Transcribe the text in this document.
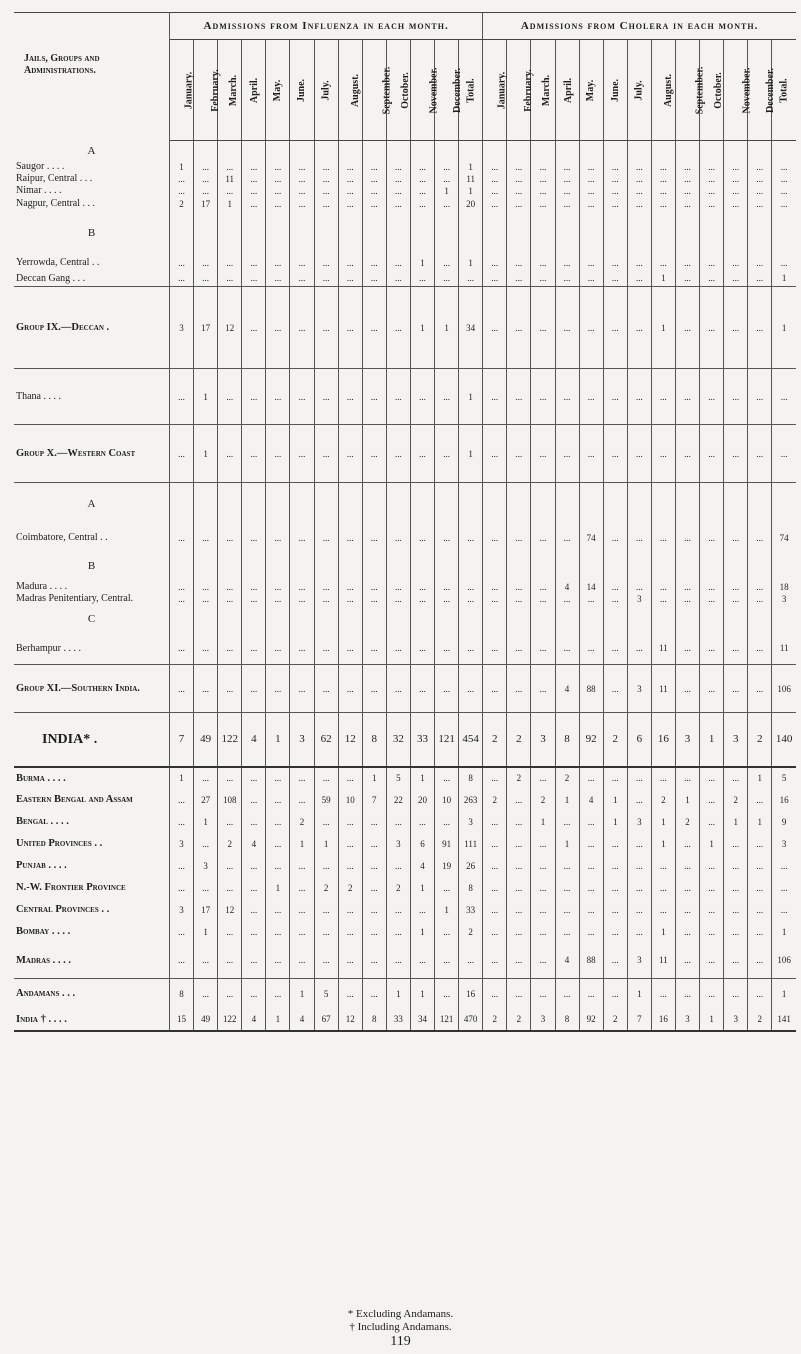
Jails, Groups and Administrations.	Admissions from Influenza in each month.													Admissions from Cholera in each month.												
	January.	February.	March.	April.	May.	June.	July.	August.	September.	October.	November.	December.	Total.	January.	February.	March.	April.	May.	June.	July.	August.	September.	October.	November.	December.	Total.
A																										
Saugor . . . .	1	...	...	...	...	...	...	...	...	...	...	...	1	...	...	...	...	...	...	...	...	...	...	...	...	...
Raipur, Central . . .	...	...	11	...	...	...	...	...	...	...	...	...	11	...	...	...	...	...	...	...	...	...	...	...	...	...
Nimar . . . .	...	...	...	...	...	...	...	...	...	...	...	1	1	...	...	...	...	...	...	...	...	...	...	...	...	...
Nagpur, Central . . .	2	17	1	...	...	...	...	...	...	...	...	...	20	...	...	...	...	...	...	...	...	...	...	...	...	...
B																										
Yerrowda, Central . .	...	...	...	...	...	...	...	...	...	...	1	...	1	...	...	...	...	...	...	...	...	...	...	...	...	...
Deccan Gang . . .	...	...	...	...	...	...	...	...	...	...	...	...	...	...	...	...	...	...	...	...	1	...	...	...	...	1
Group IX.—Deccan .	3	17	12	...	...	...	...	...	...	...	1	1	34	...	...	...	...	...	...	...	1	...	...	...	...	1
Thana . . . .	...	1	...	...	...	...	...	...	...	...	...	...	1	...	...	...	...	...	...	...	...	...	...	...	...	...
Group X.—Western Coast	...	1	...	...	...	...	...	...	...	...	...	...	1	...	...	...	...	...	...	...	...	...	...	...	...	...
A																										
Coimbatore, Central . .	...	...	...	...	...	...	...	...	...	...	...	...	...	...	...	...	...	74	...	...	...	...	...	...	...	74
B																										
Madura . . . .	...	...	...	...	...	...	...	...	...	...	...	...	...	...	...	...	4	14	...	...	...	...	...	...	...	18
Madras Penitentiary, Central.	...	...	...	...	...	...	...	...	...	...	...	...	...	...	...	...	...	...	...	3	...	...	...	...	...	3
C																										
Berhampur . . . .	...	...	...	...	...	...	...	...	...	...	...	...	...	...	...	...	...	...	...	...	11	...	...	...	...	11
Group XI.—Southern India.	...	...	...	...	...	...	...	...	...	...	...	...	...	...	...	...	4	88	...	3	11	...	...	...	...	106
INDIA* .	7	49	122	4	1	3	62	12	8	32	33	121	454	2	2	3	8	92	2	6	16	3	1	3	2	140
Burma . . . .	1	...	...	...	...	...	...	...	1	5	1	...	8	...	2	...	2	...	...	...	...	...	...	...	1	5
Eastern Bengal and Assam	...	27	108	...	...	...	59	10	7	22	20	10	263	2	...	2	1	4	1	...	2	1	...	2	...	16
Bengal . . . .	...	1	...	...	...	2	...	...	...	...	...	...	3	...	...	1	...	...	1	3	1	2	...	1	1	9
United Provinces . .	3	...	2	4	...	1	1	...	...	3	6	91	111	...	...	...	1	...	...	...	1	...	1	...	...	3
Punjab . . . .	...	3	...	...	...	...	...	...	...	...	4	19	26	...	...	...	...	...	...	...	...	...	...	...	...	...
N.-W. Frontier Province	...	...	...	...	1	...	2	2	...	2	1	...	8	...	...	...	...	...	...	...	...	...	...	...	...	...
Central Provinces . .	3	17	12	...	...	...	...	...	...	...	...	1	33	...	...	...	...	...	...	...	...	...	...	...	...	...
Bombay . . . .	...	1	...	...	...	...	...	...	...	...	1	...	2	...	...	...	...	...	...	...	1	...	...	...	...	1
Madras . . . .	...	...	...	...	...	...	...	...	...	...	...	...	...	...	...	...	4	88	...	3	11	...	...	...	...	106
Andamans . . .	8	...	...	...	...	1	5	...	...	1	1	...	16	...	...	...	...	...	...	1	...	...	...	...	...	1
India † . . . .	15	49	122	4	1	4	67	12	8	33	34	121	470	2	2	3	8	92	2	7	16	3	1	3	2	141
* Excluding Andamans.
† Including Andamans.
119
